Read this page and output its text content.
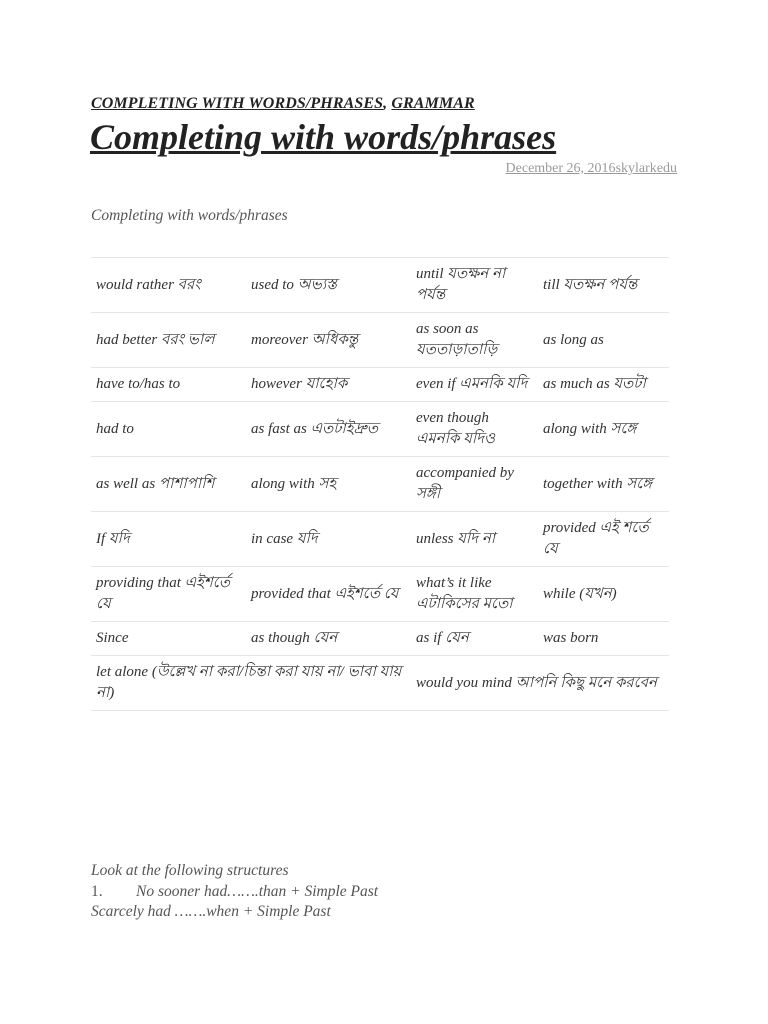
COMPLETING WITH WORDS/PHRASES, GRAMMAR
Completing with words/phrases
December 26, 2016skylarkedu
Completing with words/phrases
would rather বরং	used to অভ্যস্ত	until যতক্ষন না পর্যন্ত	till যতক্ষন পর্যন্ত
had better বরং ভাল	moreover অধিকন্তু	as soon as যততাড়াতাড়ি	as long as
have to/has to	however যাহোক	even if এমনকি যদি	as much as যতটা
had to	as fast as এতটাইদ্রুত	even though এমনকি যদিও	along with সঙ্গে
as well as পাশাপাশি	along with সহ	accompanied by সঙ্গী	together with সঙ্গে
If যদি	in case যদি	unless যদি না	provided এই শর্তে যে
providing that এইশর্তে যে	provided that এইশর্তে যে	what’s it like এটাকিসের মতো	while (যখন)
Since	as though যেন	as if যেন	was born
let alone (উল্লেখ না করা/চিন্তা করা যায় না/ ভাবা যায় না)		would you mind আপনি কিছু মনে করবেন	
Look at the following structures
1. No sooner had…….than + Simple Past
Scarcely had …….when + Simple Past
